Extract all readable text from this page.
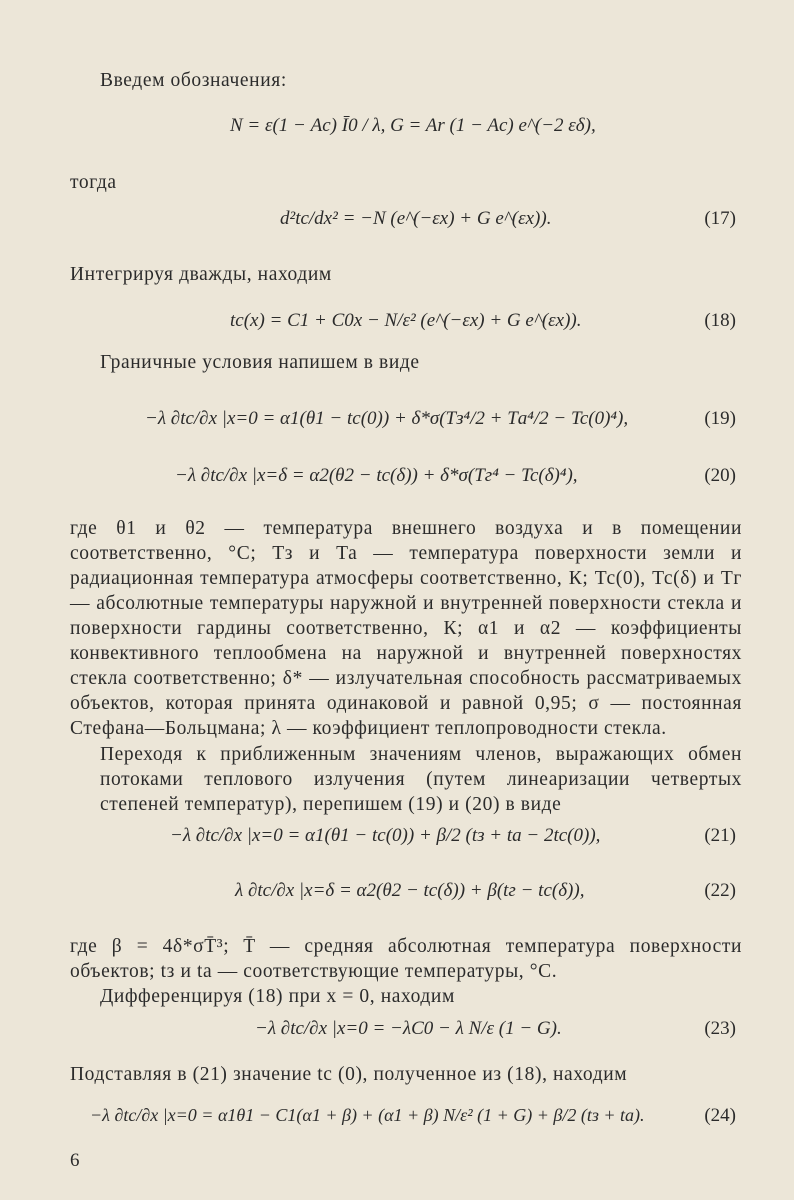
Введем обозначения:
N = ε(1 − Ac) Ī0 / λ, G = Ar (1 − Ac) e^(−2 εδ),
тогда
d²tc/dx² = −N (e^(−εx) + G e^(εx)).	(17)
Интегрируя дважды, находим
tc(x) = C1 + C0x − N/ε² (e^(−εx) + G e^(εx)).	(18)
Граничные условия напишем в виде
−λ ∂tc/∂x |x=0 = α1(θ1 − tc(0)) + δ*σ(Tз⁴/2 + Tа⁴/2 − Tc(0)⁴),	(19)
−λ ∂tc/∂x |x=δ = α2(θ2 − tc(δ)) + δ*σ(Tг⁴ − Tc(δ)⁴),	(20)
где θ1 и θ2 — температура внешнего воздуха и в помещении соответственно, °С; Тз и Та — температура поверхности земли и радиационная температура атмосферы соответственно, К; Тс(0), Тс(δ) и Тг — абсолютные температуры наружной и внутренней поверхности стекла и поверхности гардины соответственно, К; α1 и α2 — коэффициенты конвективного теплообмена на наружной и внутренней поверхностях стекла соответственно; δ* — излучательная способность рассматриваемых объектов, которая принята одинаковой и равной 0,95; σ — постоянная Стефана—Больцмана; λ — коэффициент теплопроводности стекла.
Переходя к приближенным значениям членов, выражающих обмен потоками теплового излучения (путем линеаризации четвертых степеней температур), перепишем (19) и (20) в виде
−λ ∂tc/∂x |x=0 = α1(θ1 − tc(0)) + β/2 (tз + tа − 2tc(0)),	(21)
λ ∂tc/∂x |x=δ = α2(θ2 − tc(δ)) + β(tг − tc(δ)),	(22)
где β = 4δ*σT̄³; T̄ — средняя абсолютная температура поверхности объектов; tз и tа — соответствующие температуры, °С.
Дифференцируя (18) при x = 0, находим
−λ ∂tc/∂x |x=0 = −λC0 − λ N/ε (1 − G).	(23)
Подставляя в (21) значение tc (0), полученное из (18), находим
−λ ∂tc/∂x |x=0 = α1θ1 − C1(α1 + β) + (α1 + β) N/ε² (1 + G) + β/2 (tз + tа).	(24)
6
